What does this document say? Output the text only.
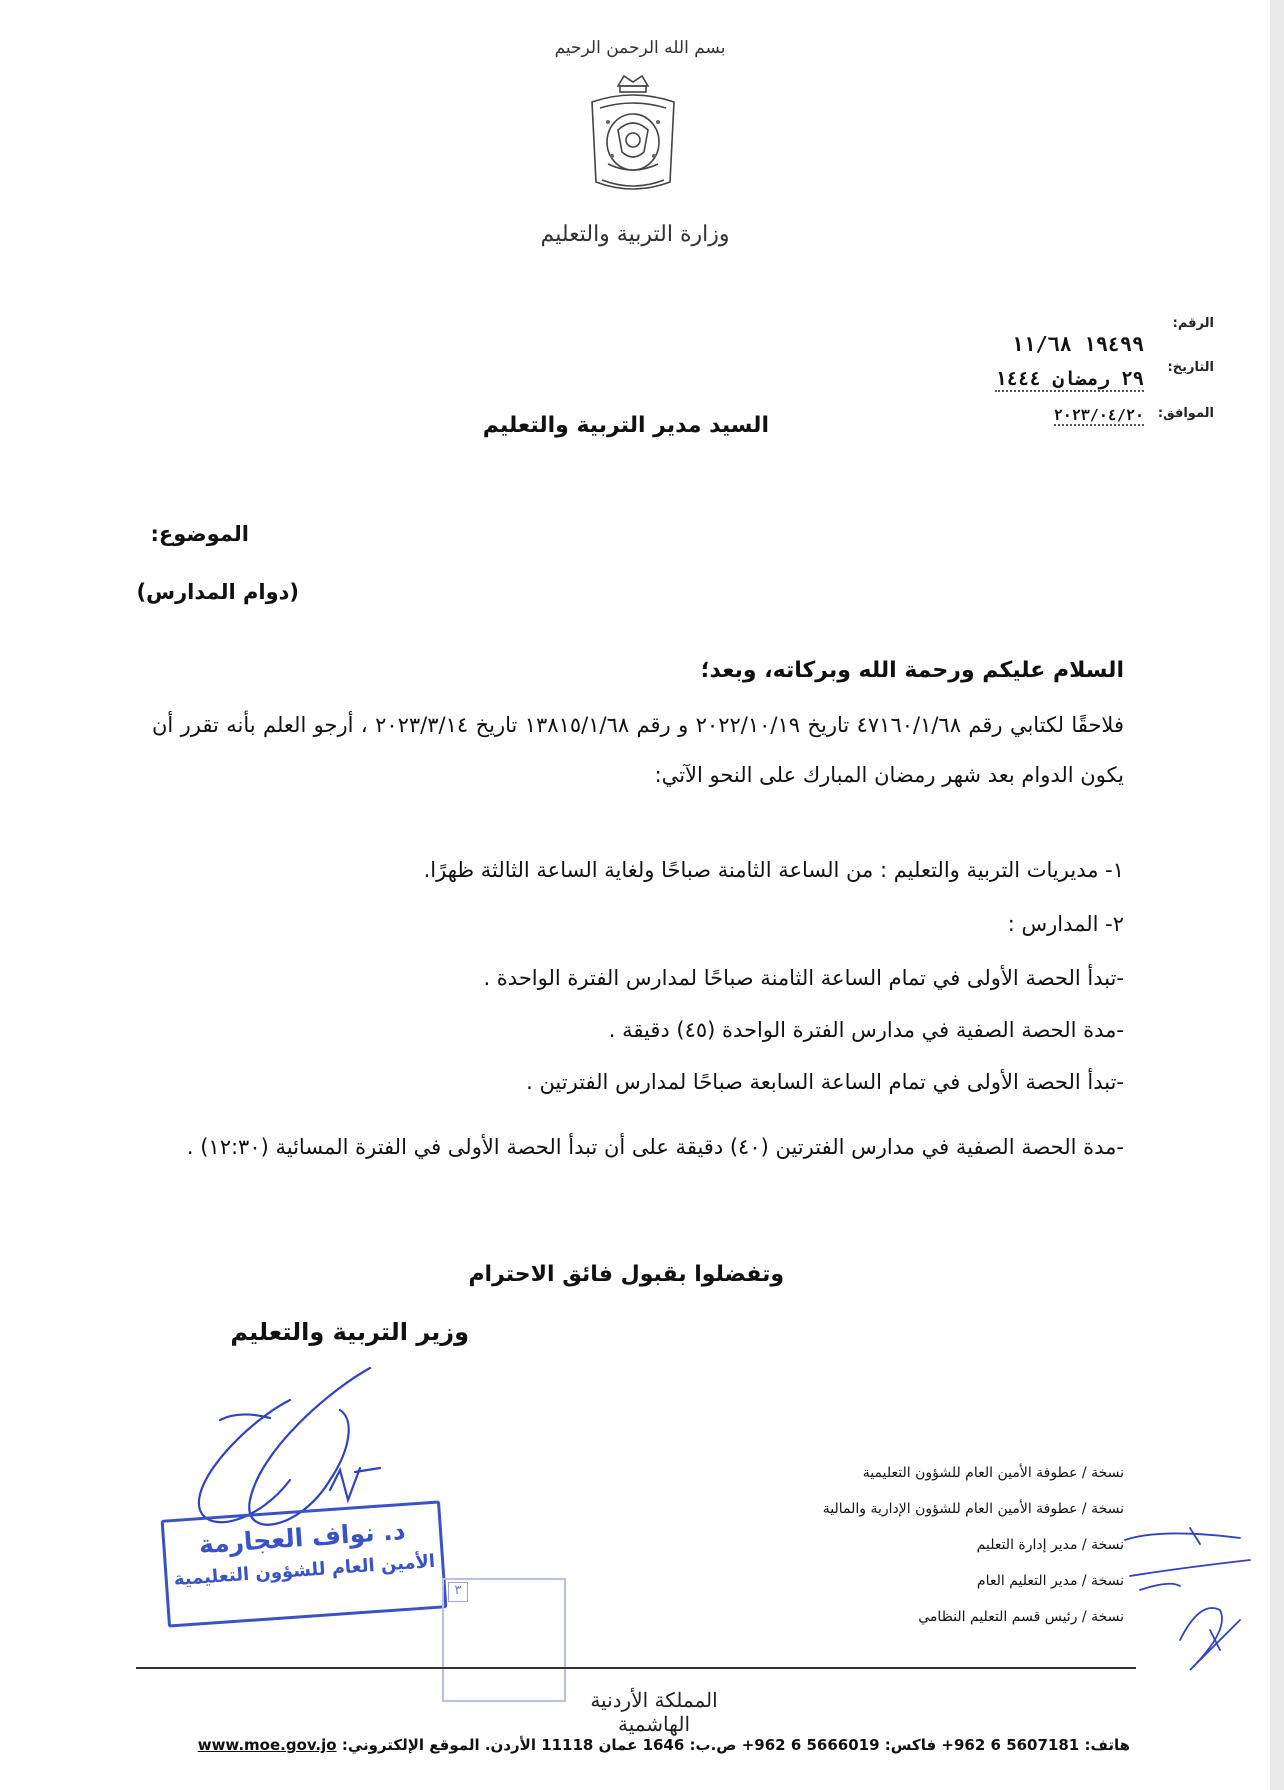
بسم الله الرحمن الرحيم
وزارة التربية والتعليم
الرقم:
١٩٤٩٩ ١١/٦٨
التاريخ:
٢٩ رمضان ١٤٤٤
الموافق:
٢٠٢٣/٠٤/٢٠
السيد مدير التربية والتعليم
الموضوع:
(دوام المدارس)
السلام عليكم ورحمة الله وبركاته، وبعد؛
فلاحقًا لكتابي رقم ٤٧١٦٠/١/٦٨ تاريخ ٢٠٢٢/١٠/١٩ و رقم ١٣٨١٥/١/٦٨ تاريخ ٢٠٢٣/٣/١٤ ، أرجو العلم بأنه تقرر أن يكون الدوام بعد شهر رمضان المبارك على النحو الآتي:
١- مديريات التربية والتعليم : من الساعة الثامنة صباحًا ولغاية الساعة الثالثة ظهرًا.
٢- المدارس :
-تبدأ الحصة الأولى في تمام الساعة الثامنة صباحًا لمدارس الفترة الواحدة .
-مدة الحصة الصفية في مدارس الفترة الواحدة (٤٥) دقيقة .
-تبدأ الحصة الأولى في تمام الساعة السابعة صباحًا لمدارس الفترتين .
-مدة الحصة الصفية في مدارس الفترتين (٤٠) دقيقة على أن تبدأ الحصة الأولى في الفترة المسائية (١٢:٣٠) .
وتفضلوا بقبول فائق الاحترام
وزير التربية والتعليم
د. نواف العجارمة
الأمين العام للشؤون التعليمية
٣
نسخة / عطوفة الأمين العام للشؤون التعليمية
نسخة / عطوفة الأمين العام للشؤون الإدارية والمالية
نسخة / مدير إدارة التعليم
نسخة / مدير التعليم العام
نسخة / رئيس قسم التعليم النظامي
المملكة الأردنية الهاشمية
هاتف: 5607181 6 962+ فاكس: 5666019 6 962+ ص.ب: 1646 عمان 11118 الأردن. الموقع الإلكتروني: www.moe.gov.jo
